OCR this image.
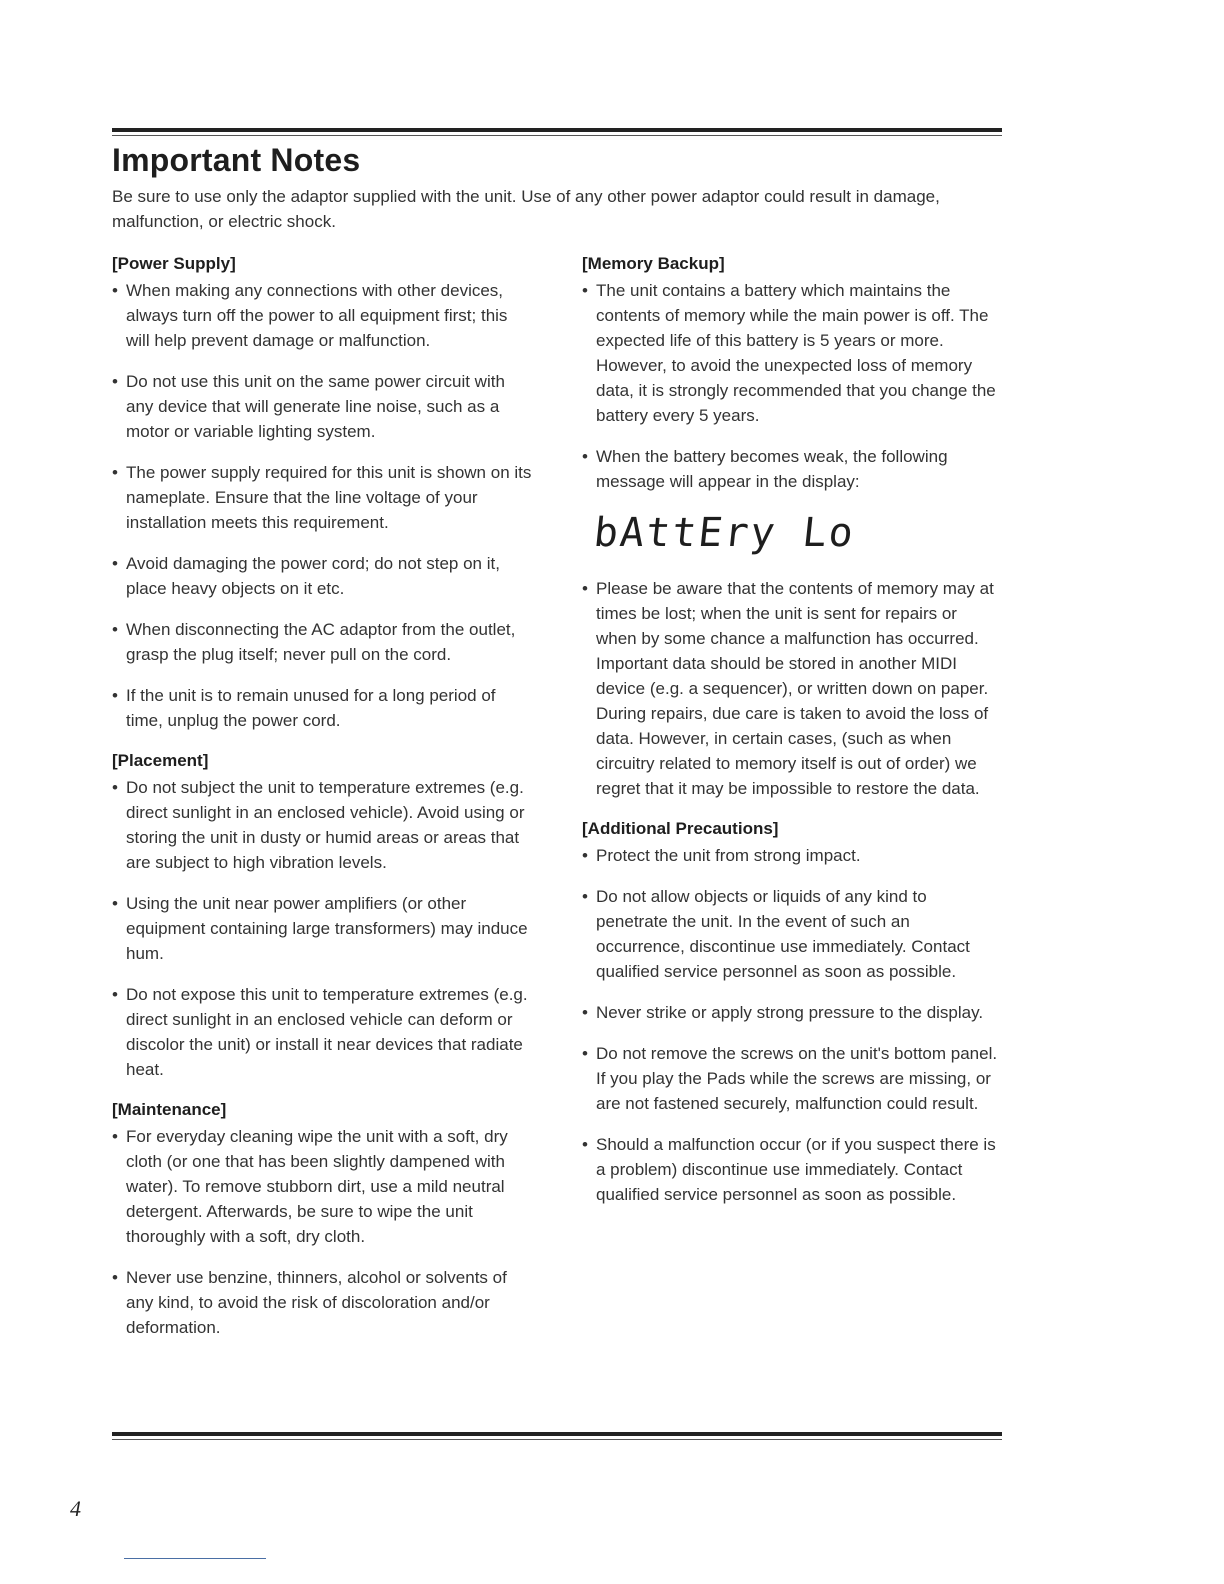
Important Notes

Be sure to use only the adaptor supplied with the unit. Use of any other power adaptor could result in damage, malfunction, or electric shock.

[Power Supply]

• When making any connections with other devices, always turn off the power to all equipment first; this will help prevent damage or malfunction.

• Do not use this unit on the same power circuit with any device that will generate line noise, such as a motor or variable lighting system.

• The power supply required for this unit is shown on its nameplate. Ensure that the line voltage of your installation meets this requirement.

• Avoid damaging the power cord; do not step on it, place heavy objects on it etc.

• When disconnecting the AC adaptor from the outlet, grasp the plug itself; never pull on the cord.

• If the unit is to remain unused for a long period of time, unplug the power cord.

[Placement]

• Do not subject the unit to temperature extremes (e.g. direct sunlight in an enclosed vehicle). Avoid using or storing the unit in dusty or humid areas or areas that are subject to high vibration levels.

• Using the unit near power amplifiers (or other equipment containing large transformers) may induce hum.

• Do not expose this unit to temperature extremes (e.g. direct sunlight in an enclosed vehicle can deform or discolor the unit) or install it near devices that radiate heat.

[Maintenance]

• For everyday cleaning wipe the unit with a soft, dry cloth (or one that has been slightly dampened with water). To remove stubborn dirt, use a mild neutral detergent. Afterwards, be sure to wipe the unit thoroughly with a soft, dry cloth.

• Never use benzine, thinners, alcohol or solvents of any kind, to avoid the risk of discoloration and/or deformation.

[Memory Backup]

• The unit contains a battery which maintains the contents of memory while the main power is off. The expected life of this battery is 5 years or more. However, to avoid the unexpected loss of memory data, it is strongly recommended that you change the battery every 5 years.

• When the battery becomes weak, the following message will appear in the display:

bAttEry Lo

• Please be aware that the contents of memory may at times be lost; when the unit is sent for repairs or when by some chance a malfunction has occurred. Important data should be stored in another MIDI device (e.g. a sequencer), or written down on paper. During repairs, due care is taken to avoid the loss of data. However, in certain cases, (such as when circuitry related to memory itself is out of order) we regret that it may be impossible to restore the data.

[Additional Precautions]

• Protect the unit from strong impact.

• Do not allow objects or liquids of any kind to penetrate the unit. In the event of such an occurrence, discontinue use immediately. Contact qualified service personnel as soon as possible.

• Never strike or apply strong pressure to the display.

• Do not remove the screws on the unit's bottom panel. If you play the Pads while the screws are missing, or are not fastened securely, malfunction could result.

• Should a malfunction occur (or if you suspect there is a problem) discontinue use immediately. Contact qualified service personnel as soon as possible.

4
